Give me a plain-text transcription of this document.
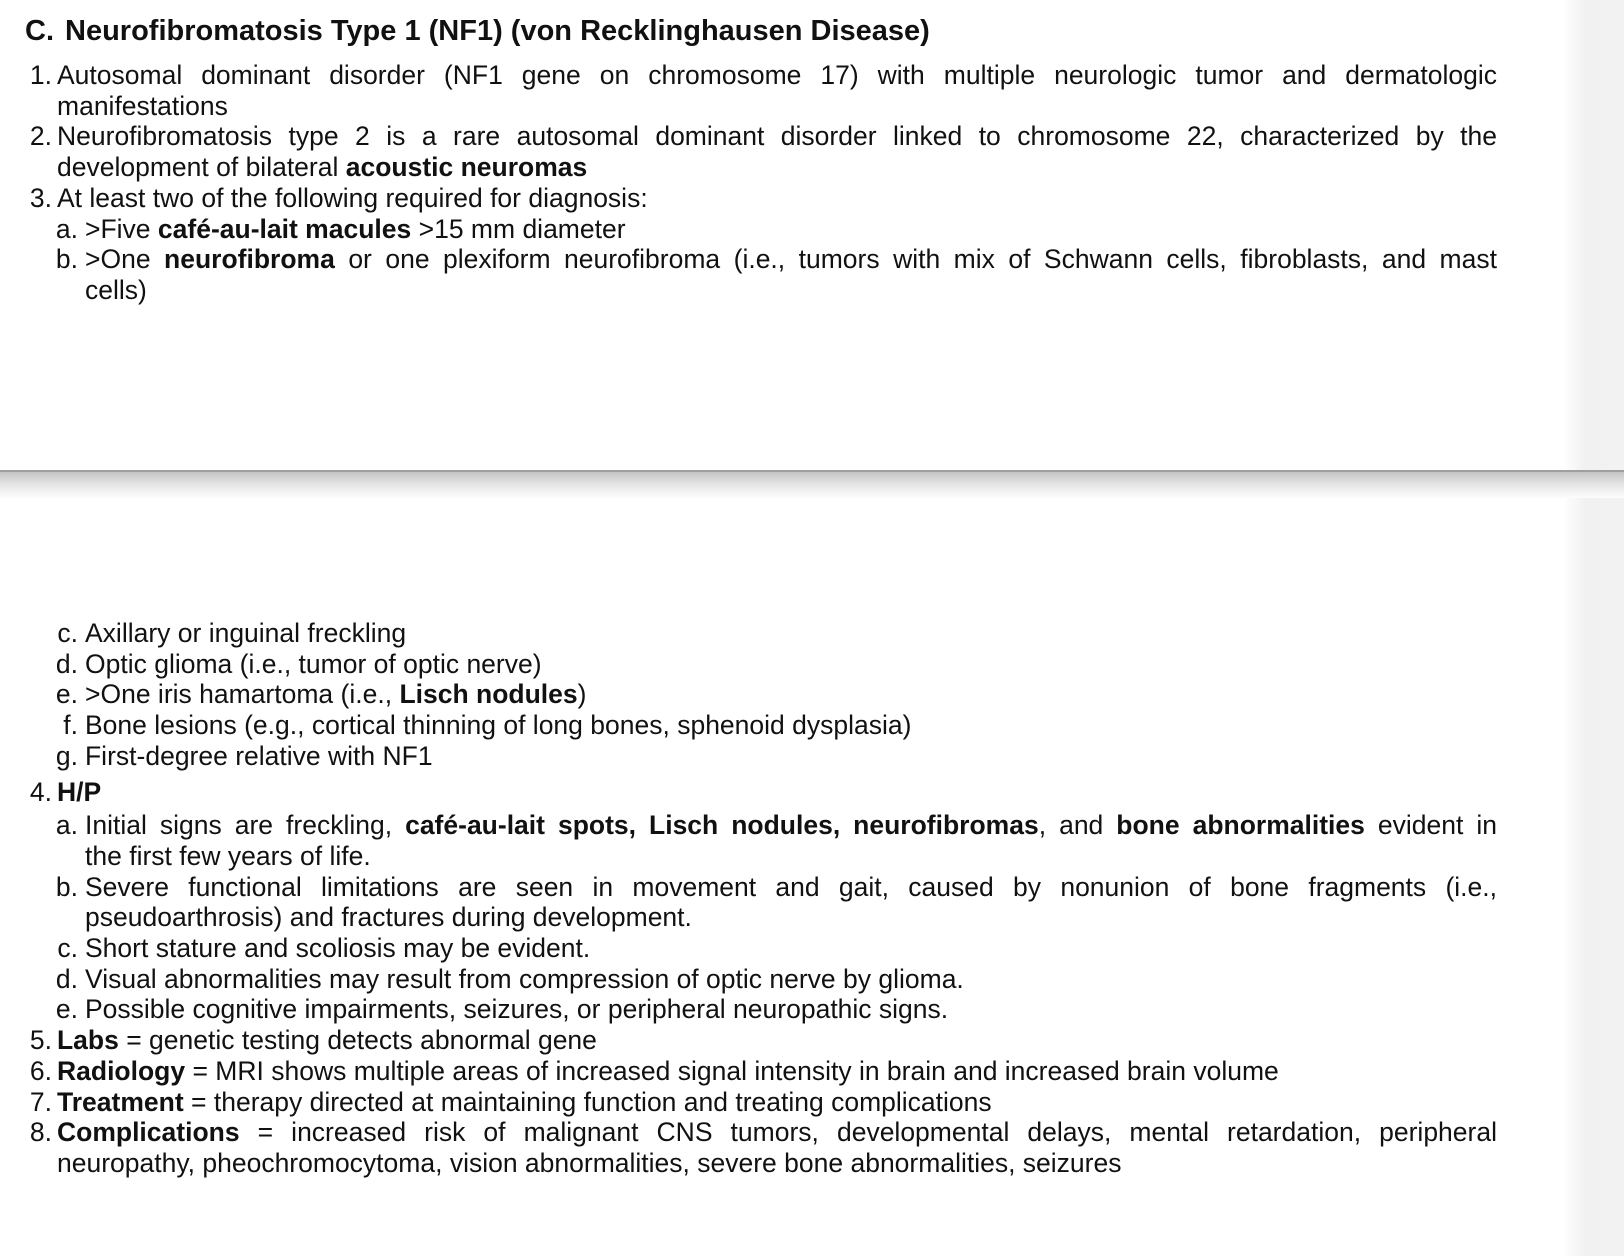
C. Neurofibromatosis Type 1 (NF1) (von Recklinghausen Disease)
1. Autosomal dominant disorder (NF1 gene on chromosome 17) with multiple neurologic tumor and dermatologic
manifestations
2. Neurofibromatosis type 2 is a rare autosomal dominant disorder linked to chromosome 22, characterized by the
development of bilateral acoustic neuromas
3. At least two of the following required for diagnosis:
a. >Five café-au-lait macules >15 mm diameter
b. >One neurofibroma or one plexiform neurofibroma (i.e., tumors with mix of Schwann cells, fibroblasts, and mast
cells)
c. Axillary or inguinal freckling
d. Optic glioma (i.e., tumor of optic nerve)
e. >One iris hamartoma (i.e., Lisch nodules)
f. Bone lesions (e.g., cortical thinning of long bones, sphenoid dysplasia)
g. First-degree relative with NF1
4. H/P
a. Initial signs are freckling, café-au-lait spots, Lisch nodules, neurofibromas, and bone abnormalities evident in
the first few years of life.
b. Severe functional limitations are seen in movement and gait, caused by nonunion of bone fragments (i.e.,
pseudoarthrosis) and fractures during development.
c. Short stature and scoliosis may be evident.
d. Visual abnormalities may result from compression of optic nerve by glioma.
e. Possible cognitive impairments, seizures, or peripheral neuropathic signs.
5. Labs = genetic testing detects abnormal gene
6. Radiology = MRI shows multiple areas of increased signal intensity in brain and increased brain volume
7. Treatment = therapy directed at maintaining function and treating complications
8. Complications = increased risk of malignant CNS tumors, developmental delays, mental retardation, peripheral
neuropathy, pheochromocytoma, vision abnormalities, severe bone abnormalities, seizures
